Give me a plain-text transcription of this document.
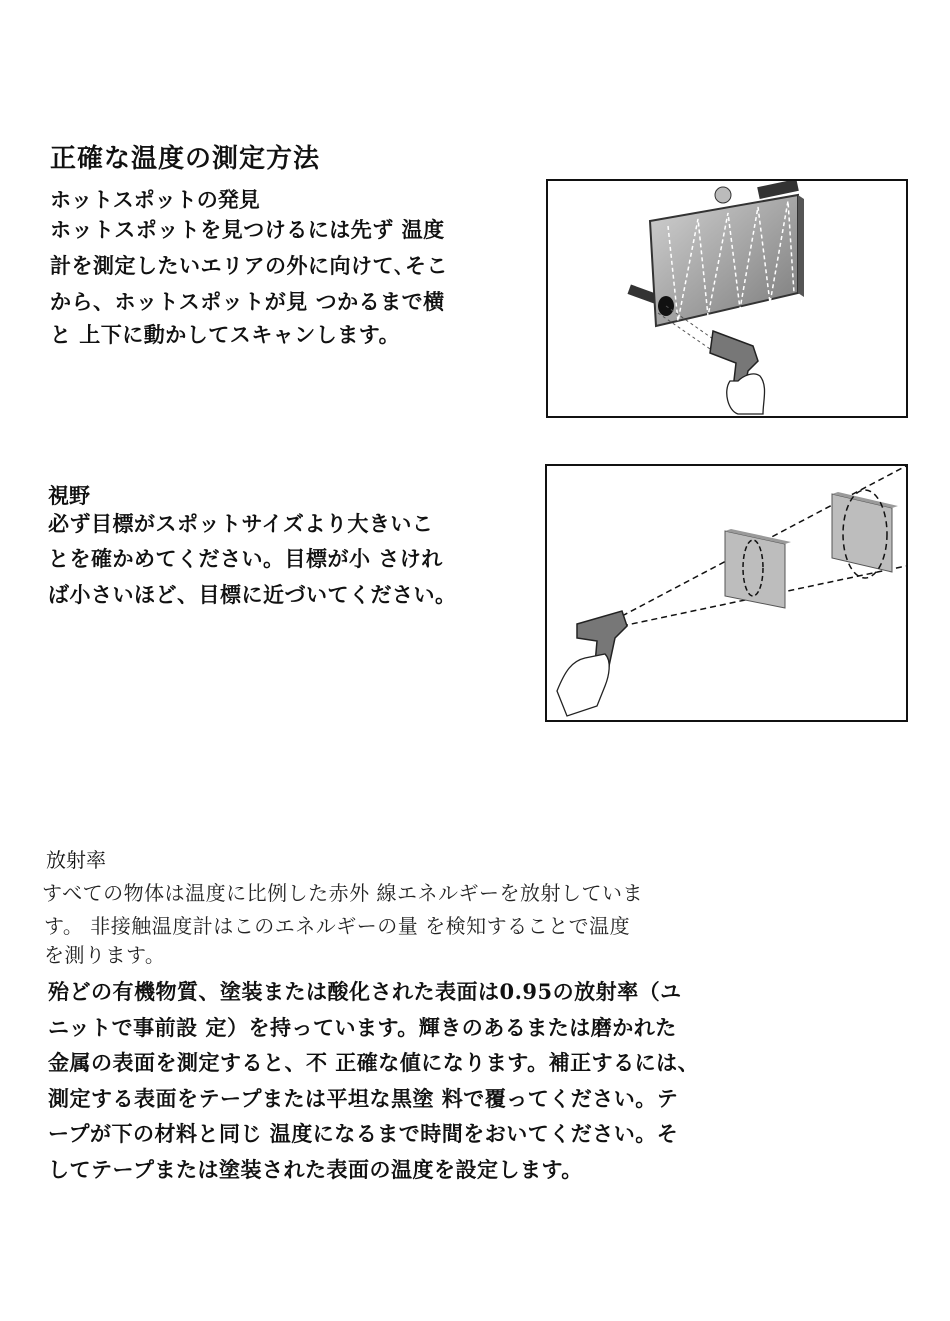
正確な温度の測定方法
ホットスポットの発見
ホットスポットを見つけるには先ず 温度
計を測定したいエリアの外に向けて､そこ
から、ホットスポットが見 つかるまで横
と 上下に動かしてスキャンします。
視野
必ず目標がスポットサイズより大きいこ
とを確かめてください。目標が小 さけれ
ば小さいほど、目標に近づいてください。
放射率
すべての物体は温度に比例した赤外 線エネルギーを放射していま
す。 非接触温度計はこのエネルギーの量 を検知することで温度
を測ります。
殆どの有機物質、塗装または酸化された表面は0.95の放射率（ユ
ニットで事前設 定）を持っています。輝きのあるまたは磨かれた
金属の表面を測定すると、不 正確な値になります。補正するには、
測定する表面をテープまたは平坦な黒塗 料で覆ってください。テ
ープが下の材料と同じ 温度になるまで時間をおいてください。そ
してテープまたは塗装された表面の温度を設定します。
